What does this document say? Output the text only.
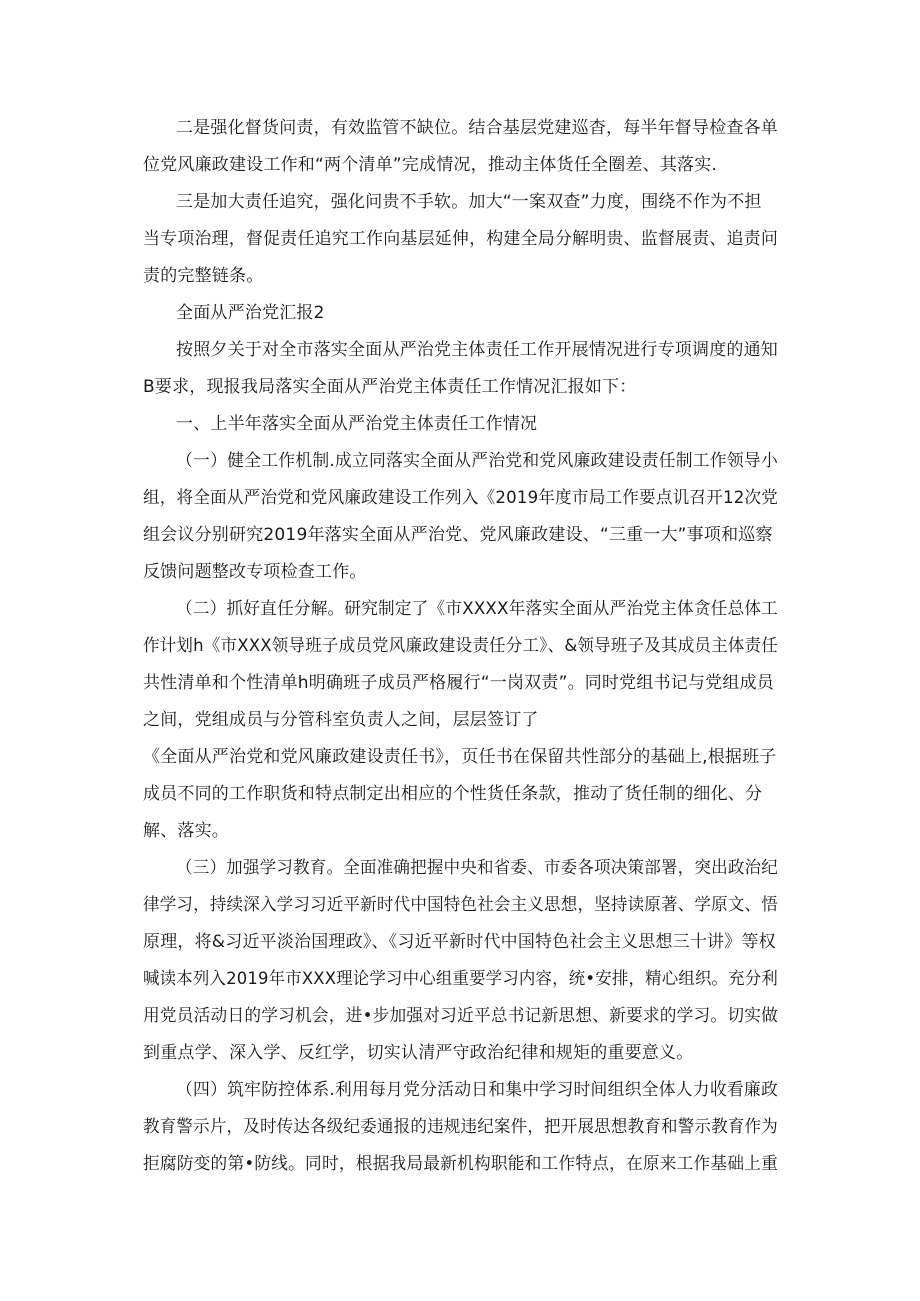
二是强化督货问责，有效监管不缺位。结合基层党建巡杳，每半年督导检查各单

位党风廉政建设工作和“两个清单”完成情况，推动主体货任全圈差、其落实.

三是加大责任追究，强化问贵不手软。加大“一案双查”力度，围绕不作为不担

当专项治理，督促责任追究工作向基层延伸，构建全局分解明贵、监督展责、追责问

责的完整链条。

全面从严治党汇报2

按照夕关于对全市落实全面从严治党主体责任工作开展情况进行专项调度的通知

B要求，现报我局落实全面从严治党主体责任工作情况汇报如下：

一、上半年落实全面从严治党主体责任工作情况

（一）健全工作机制.成立同落实全面从严治党和党风廉政建设责任制工作领导小

组，将全面从严治党和党风廉政建设工作列入《2019年度市局工作要点讥召开12次党

组会议分别研究2019年落实全面从严治党、党风廉政建设、“三重一大”事项和巡察

反馈问题整改专项检查工作。

（二）抓好直任分解。研究制定了《市XXXX年落实全面从严治党主体贪任总体工

作计划h《市XXX领导班子成员党风廉政建设责任分工》、&领导班子及其成员主体责任

共性清单和个性清单h明确班子成员严格履行“一岗双责”。同时党组书记与党组成员

之间，党组成员与分管科室负责人之间，层层签订了

《全面从严治党和党风廉政建设责任书》，页任书在保留共性部分的基础上,根据班子

成员不同的工作职货和特点制定出相应的个性货任条款，推动了货任制的细化、分

解、落实。

（三）加强学习教育。全面准确把握中央和省委、市委各项决策部署，突出政治纪

律学习，持续深入学习习近平新时代中国特色社会主义思想，坚持读原著、学原文、悟

原理，将&习近平淡治国理政》、《习近平新时代中国特色社会主义思想三十讲》等权

喊读本列入2019年市XXX理论学习中心组重要学习内容，统•安排，精心组织。充分利

用党员活动日的学习机会，进•步加强对习近平总书记新思想、新要求的学习。切实做

到重点学、深入学、反红学，切实认清严守政治纪律和规矩的重要意义。

（四）筑牢防控体系.利用每月党分活动日和集中学习时间组织全体人力收看廉政

教育警示片，及时传达各级纪委通报的违规违纪案件，把开展思想教育和警示教育作为

拒腐防变的第•防线。同时，根据我局最新机构职能和工作特点，在原来工作基础上重
